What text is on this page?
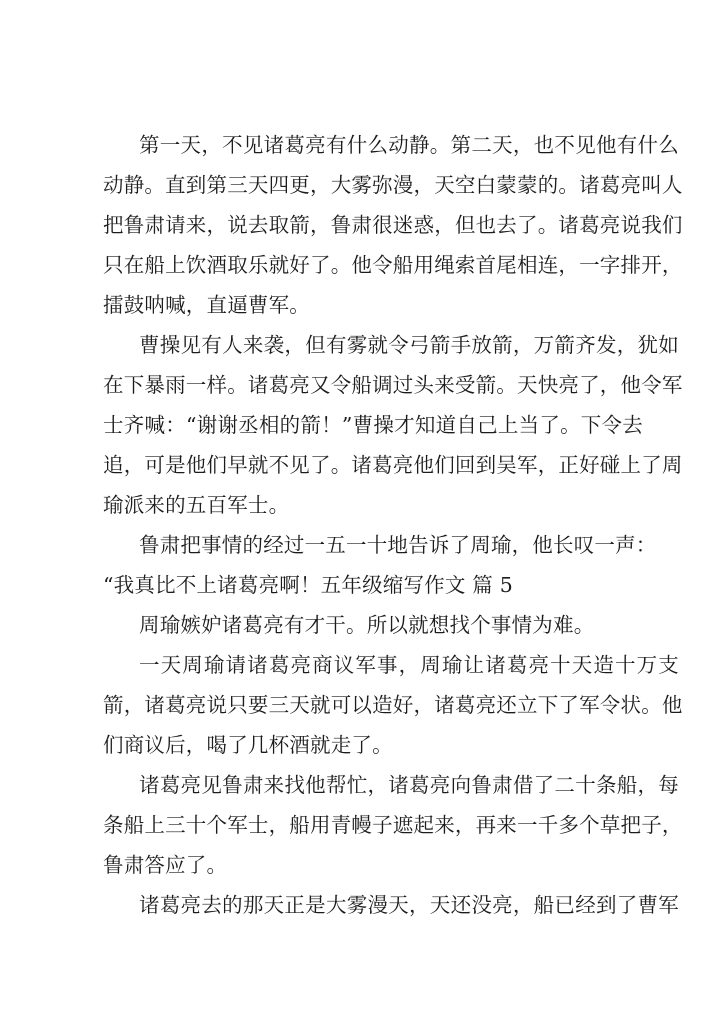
第一天，不见诸葛亮有什么动静。第二天，也不见他有什么
动静。直到第三天四更，大雾弥漫，天空白蒙蒙的。诸葛亮叫人
把鲁肃请来，说去取箭，鲁肃很迷惑，但也去了。诸葛亮说我们
只在船上饮酒取乐就好了。他令船用绳索首尾相连，一字排开，
擂鼓呐喊，直逼曹军。
曹操见有人来袭，但有雾就令弓箭手放箭，万箭齐发，犹如
在下暴雨一样。诸葛亮又令船调过头来受箭。天快亮了，他令军
士齐喊：“谢谢丞相的箭！”曹操才知道自己上当了。下令去
追，可是他们早就不见了。诸葛亮他们回到吴军，正好碰上了周
瑜派来的五百军士。
鲁肃把事情的经过一五一十地告诉了周瑜，他长叹一声：
“我真比不上诸葛亮啊！五年级缩写作文 篇 5
周瑜嫉妒诸葛亮有才干。所以就想找个事情为难。
一天周瑜请诸葛亮商议军事，周瑜让诸葛亮十天造十万支
箭，诸葛亮说只要三天就可以造好，诸葛亮还立下了军令状。他
们商议后，喝了几杯酒就走了。
诸葛亮见鲁肃来找他帮忙，诸葛亮向鲁肃借了二十条船，每
条船上三十个军士，船用青幔子遮起来，再来一千多个草把子，
鲁肃答应了。
诸葛亮去的那天正是大雾漫天，天还没亮，船已经到了曹军
